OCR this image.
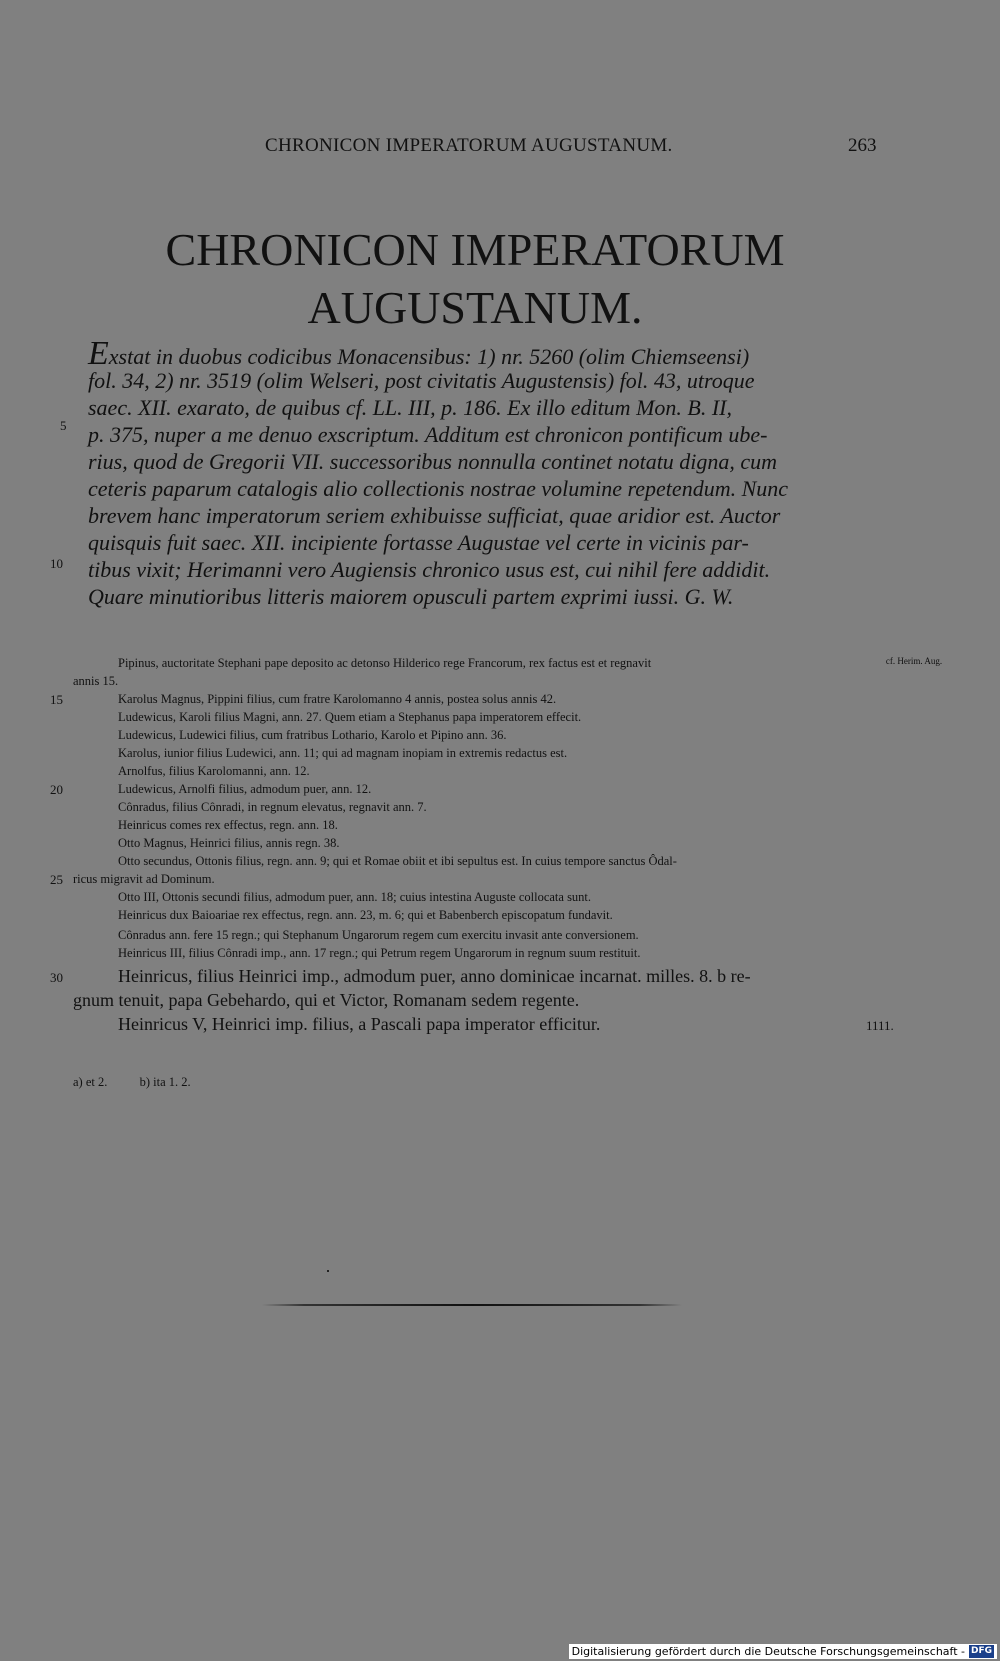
CHRONICON IMPERATORUM AUGUSTANUM.	263
CHRONICON IMPERATORUM
AUGUSTANUM.
Exstat in duobus codicibus Monacensibus: 1) nr. 5260 (olim Chiemseensi)
fol. 34, 2) nr. 3519 (olim Welseri, post civitatis Augustensis) fol. 43, utroque
5
saec. XII. exarato, de quibus cf. LL. III, p. 186. Ex illo editum Mon. B. II,
p. 375, nuper a me denuo exscriptum. Additum est chronicon pontificum ube-
rius, quod de Gregorii VII. successoribus nonnulla continet notatu digna, cum
ceteris paparum catalogis alio collectionis nostrae volumine repetendum. Nunc
brevem hanc imperatorum seriem exhibuisse sufficiat, quae aridior est. Auctor
quisquis fuit saec. XII. incipiente fortasse Augustae vel certe in vicinis par-
10 tibus vixit; Herimanni vero Augiensis chronico usus est, cui nihil fere addidit.
Quare minutioribus litteris maiorem opusculi partem exprimi iussi. G. W.
Pipinus, auctoritate Stephani pape deposito ac detonso Hilderico rege Francorum, rex factus est et regnavit	cf. Herim. Aug.
annis 15.
15	Karolus Magnus, Pippini filius, cum fratre Karolomanno 4 annis, postea solus annis 42.
Ludewicus, Karoli filius Magni, ann. 27. Quem etiam a Stephanus papa imperatorem effecit.
Ludewicus, Ludewici filius, cum fratribus Lothario, Karolo et Pipino ann. 36.
Karolus, iunior filius Ludewici, ann. 11; qui ad magnam inopiam in extremis redactus est.
Arnolfus, filius Karolomanni, ann. 12.
20	Ludewicus, Arnolfi filius, admodum puer, ann. 12.
Cônradus, filius Cônradi, in regnum elevatus, regnavit ann. 7.
Heinricus comes rex effectus, regn. ann. 18.
Otto Magnus, Heinrici filius, annis regn. 38.
Otto secundus, Ottonis filius, regn. ann. 9; qui et Romae obiit et ibi sepultus est. In cuius tempore sanctus Ôdal-
25 ricus migravit ad Dominum.
Otto III, Ottonis secundi filius, admodum puer, ann. 18; cuius intestina Auguste collocata sunt.
Heinricus dux Baioariae rex effectus, regn. ann. 23, m. 6; qui et Babenberch episcopatum fundavit.
Cônradus ann. fere 15 regn.; qui Stephanum Ungarorum regem cum exercitu invasit ante conversionem.
Heinricus III, filius Cônradi imp., ann. 17 regn.; qui Petrum regem Ungarorum in regnum suum restituit.
30	Heinricus, filius Heinrici imp., admodum puer, anno dominicae incarnat. milles. 8. b re-
gnum tenuit, papa Gebehardo, qui et Victor, Romanam sedem regente.
Heinricus V, Heinrici imp. filius, a Pascali papa imperator efficitur.	1111.
a) et 2.	b) ita 1. 2.
Digitalisierung gefördert durch die Deutsche Forschungsgemeinschaft - DFG
